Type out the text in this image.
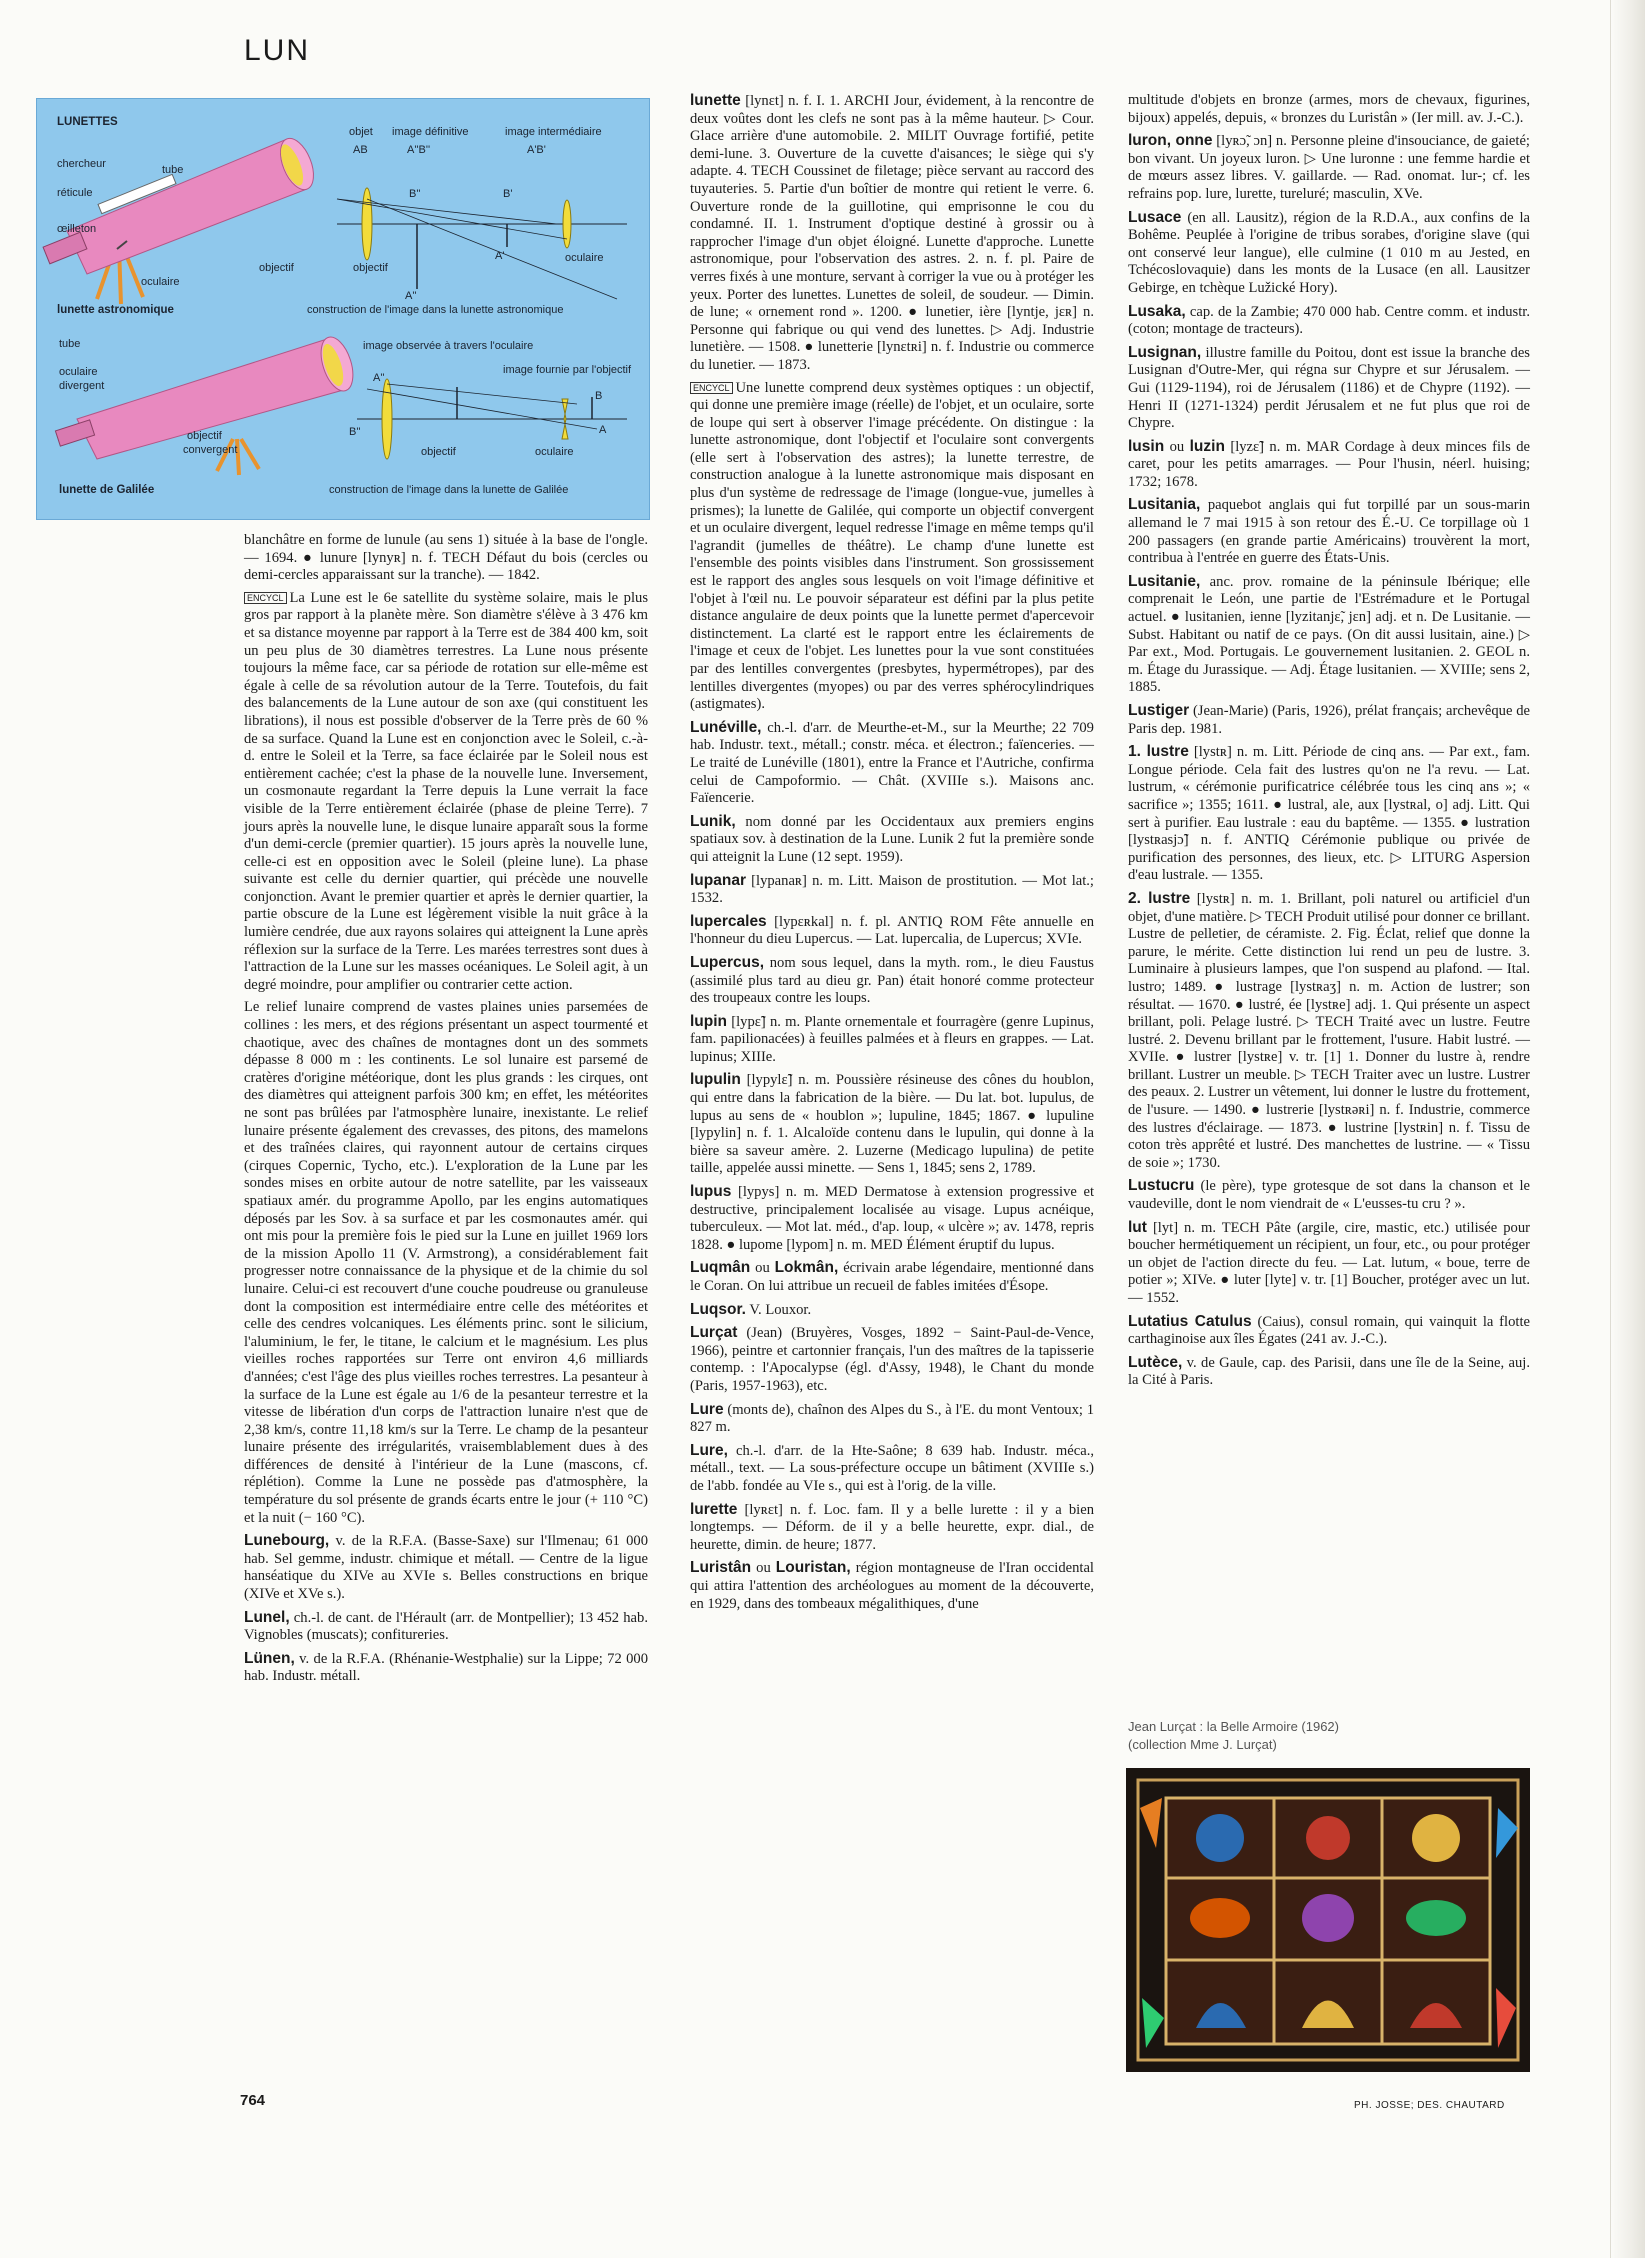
LUN
LUNETTES
chercheur
réticule
œilleton
tube
oculaire
objectif
lunette astronomique
objet
AB
image définitive
A''B''
image intermédiaire
A'B'
B''	B'
A'
A''
oculaire
objectif
construction de l'image dans la lunette astronomique
tube
oculaire
divergent
objectif
convergent
lunette de Galilée
image observée à travers l'oculaire
image fournie par l'objectif
A''
B''
B
A
objectif	oculaire
construction de l'image dans la lunette de Galilée

blanchâtre en forme de lunule (au sens 1) située à la base de l'ongle. — 1694. ● lunure [lynyʀ] n. f. TECH Défaut du bois (cercles ou demi-cercles apparaissant sur la tranche). — 1842.

ENCYCL La Lune est le 6e satellite du système solaire, mais le plus gros par rapport à la planète mère. Son diamètre s'élève à 3 476 km et sa distance moyenne par rapport à la Terre est de 384 400 km, soit un peu plus de 30 diamètres terrestres. La Lune nous présente toujours la même face, car sa période de rotation sur elle-même est égale à celle de sa révolution autour de la Terre. Toutefois, du fait des balancements de la Lune autour de son axe (qui constituent les librations), il nous est possible d'observer de la Terre près de 60 % de sa surface. Quand la Lune est en conjonction avec le Soleil, c.-à-d. entre le Soleil et la Terre, sa face éclairée par le Soleil nous est entièrement cachée; c'est la phase de la nouvelle lune. Inversement, un cosmonaute regardant la Terre depuis la Lune verrait la face visible de la Terre entièrement éclairée (phase de pleine Terre). 7 jours après la nouvelle lune, le disque lunaire apparaît sous la forme d'un demi-cercle (premier quartier). 15 jours après la nouvelle lune, celle-ci est en opposition avec le Soleil (pleine lune). La phase suivante est celle du dernier quartier, qui précède une nouvelle conjonction. Avant le premier quartier et après le dernier quartier, la partie obscure de la Lune est légèrement visible la nuit grâce à la lumière cendrée, due aux rayons solaires qui atteignent la Lune après réflexion sur la surface de la Terre. Les marées terrestres sont dues à l'attraction de la Lune sur les masses océaniques. Le Soleil agit, à un degré moindre, pour amplifier ou contrarier cette action.

Le relief lunaire comprend de vastes plaines unies parsemées de collines : les mers, et des régions présentant un aspect tourmenté et chaotique, avec des chaînes de montagnes dont un des sommets dépasse 8 000 m : les continents. Le sol lunaire est parsemé de cratères d'origine météorique, dont les plus grands : les cirques, ont des diamètres qui atteignent parfois 300 km; en effet, les météorites ne sont pas brûlées par l'atmosphère lunaire, inexistante. Le relief lunaire présente également des crevasses, des pitons, des mamelons et des traînées claires, qui rayonnent autour de certains cirques (cirques Copernic, Tycho, etc.). L'exploration de la Lune par les sondes mises en orbite autour de notre satellite, par les vaisseaux spatiaux amér. du programme Apollo, par les engins automatiques déposés par les Sov. à sa surface et par les cosmonautes amér. qui ont mis pour la première fois le pied sur la Lune en juillet 1969 lors de la mission Apollo 11 (V. Armstrong), a considérablement fait progresser notre connaissance de la physique et de la chimie du sol lunaire. Celui-ci est recouvert d'une couche poudreuse ou granuleuse dont la composition est intermédiaire entre celle des météorites et celle des cendres volcaniques. Les éléments princ. sont le silicium, l'aluminium, le fer, le titane, le calcium et le magnésium. Les plus vieilles roches rapportées sur Terre ont environ 4,6 milliards d'années; c'est l'âge des plus vieilles roches terrestres. La pesanteur à la surface de la Lune est égale au 1/6 de la pesanteur terrestre et la vitesse de libération d'un corps de l'attraction lunaire n'est que de 2,38 km/s, contre 11,18 km/s sur la Terre. Le champ de la pesanteur lunaire présente des irrégularités, vraisemblablement dues à des différences de densité à l'intérieur de la Lune (mascons, cf. réplétion). Comme la Lune ne possède pas d'atmosphère, la température du sol présente de grands écarts entre le jour (+ 110 °C) et la nuit (− 160 °C).

Lunebourg, v. de la R.F.A. (Basse-Saxe) sur l'Ilmenau; 61 000 hab. Sel gemme, industr. chimique et métall. — Centre de la ligue hanséatique du XIVe au XVIe s. Belles constructions en brique (XIVe et XVe s.).

Lunel, ch.-l. de cant. de l'Hérault (arr. de Montpellier); 13 452 hab. Vignobles (muscats); confitureries.

Lünen, v. de la R.F.A. (Rhénanie-Westphalie) sur la Lippe; 72 000 hab. Industr. métall.

lunette [lynɛt] n. f. I. 1. ARCHI Jour, évidement, à la rencontre de deux voûtes dont les clefs ne sont pas à la même hauteur. ▷ Cour. Glace arrière d'une automobile. 2. MILIT Ouvrage fortifié, petite demi-lune. 3. Ouverture de la cuvette d'aisances; le siège qui s'y adapte. 4. TECH Coussinet de filetage; pièce servant au raccord des tuyauteries. 5. Partie d'un boîtier de montre qui retient le verre. 6. Ouverture ronde de la guillotine, qui emprisonne le cou du condamné. II. 1. Instrument d'optique destiné à grossir ou à rapprocher l'image d'un objet éloigné. Lunette d'approche. Lunette astronomique, pour l'observation des astres. 2. n. f. pl. Paire de verres fixés à une monture, servant à corriger la vue ou à protéger les yeux. Porter des lunettes. Lunettes de soleil, de soudeur. — Dimin. de lune; « ornement rond ». 1200. ● lunetier, ière [lyntje, jɛʀ] n. Personne qui fabrique ou qui vend des lunettes. ▷ Adj. Industrie lunetière. — 1508. ● lunetterie [lynɛtʀi] n. f. Industrie ou commerce du lunetier. — 1873.

ENCYCL Une lunette comprend deux systèmes optiques : un objectif, qui donne une première image (réelle) de l'objet, et un oculaire, sorte de loupe qui sert à observer l'image précédente. On distingue : la lunette astronomique, dont l'objectif et l'oculaire sont convergents (elle sert à l'observation des astres); la lunette terrestre, de construction analogue à la lunette astronomique mais disposant en plus d'un système de redressage de l'image (longue-vue, jumelles à prismes); la lunette de Galilée, qui comporte un objectif convergent et un oculaire divergent, lequel redresse l'image en même temps qu'il l'agrandit (jumelles de théâtre). Le champ d'une lunette est l'ensemble des points visibles dans l'instrument. Son grossissement est le rapport des angles sous lesquels on voit l'image définitive et l'objet à l'œil nu. Le pouvoir séparateur est défini par la plus petite distance angulaire de deux points que la lunette permet d'apercevoir distinctement. La clarté est le rapport entre les éclairements de l'image et ceux de l'objet. Les lunettes pour la vue sont constituées par des lentilles convergentes (presbytes, hypermétropes), par des lentilles divergentes (myopes) ou par des verres sphérocylindriques (astigmates).

Lunéville, ch.-l. d'arr. de Meurthe-et-M., sur la Meurthe; 22 709 hab. Industr. text., métall.; constr. méca. et électron.; faïenceries. — Le traité de Lunéville (1801), entre la France et l'Autriche, confirma celui de Campoformio. — Chât. (XVIIIe s.). Maisons anc. Faïencerie.

Lunik, nom donné par les Occidentaux aux premiers engins spatiaux sov. à destination de la Lune. Lunik 2 fut la première sonde qui atteignit la Lune (12 sept. 1959).

lupanar [lypanaʀ] n. m. Litt. Maison de prostitution. — Mot lat.; 1532.

lupercales [lypɛʀkal] n. f. pl. ANTIQ ROM Fête annuelle en l'honneur du dieu Lupercus. — Lat. lupercalia, de Lupercus; XVIe.

Lupercus, nom sous lequel, dans la myth. rom., le dieu Faustus (assimilé plus tard au dieu gr. Pan) était honoré comme protecteur des troupeaux contre les loups.

lupin [lypɛ̃] n. m. Plante ornementale et fourragère (genre Lupinus, fam. papilionacées) à feuilles palmées et à fleurs en grappes. — Lat. lupinus; XIIIe.

lupulin [lypylɛ̃] n. m. Poussière résineuse des cônes du houblon, qui entre dans la fabrication de la bière. — Du lat. bot. lupulus, de lupus au sens de « houblon »; lupuline, 1845; 1867. ● lupuline [lypylin] n. f. 1. Alcaloïde contenu dans le lupulin, qui donne à la bière sa saveur amère. 2. Luzerne (Medicago lupulina) de petite taille, appelée aussi minette. — Sens 1, 1845; sens 2, 1789.

lupus [lypys] n. m. MED Dermatose à extension progressive et destructive, principalement localisée au visage. Lupus acnéique, tuberculeux. — Mot lat. méd., d'ap. loup, « ulcère »; av. 1478, repris 1828. ● lupome [lypom] n. m. MED Élément éruptif du lupus.

Luqmân ou Lokmân, écrivain arabe légendaire, mentionné dans le Coran. On lui attribue un recueil de fables imitées d'Ésope.

Luqsor. V. Louxor.

Lurçat (Jean) (Bruyères, Vosges, 1892 − Saint-Paul-de-Vence, 1966), peintre et cartonnier français, l'un des maîtres de la tapisserie contemp. : l'Apocalypse (égl. d'Assy, 1948), le Chant du monde (Paris, 1957-1963), etc.

Lure (monts de), chaînon des Alpes du S., à l'E. du mont Ventoux; 1 827 m.

Lure, ch.-l. d'arr. de la Hte-Saône; 8 639 hab. Industr. méca., métall., text. — La sous-préfecture occupe un bâtiment (XVIIIe s.) de l'abb. fondée au VIe s., qui est à l'orig. de la ville.

lurette [lyʀɛt] n. f. Loc. fam. Il y a belle lurette : il y a bien longtemps. — Déform. de il y a belle heurette, expr. dial., de heurette, dimin. de heure; 1877.

Luristân ou Louristan, région montagneuse de l'Iran occidental qui attira l'attention des archéologues au moment de la découverte, en 1929, dans des tombeaux mégalithiques, d'une

multitude d'objets en bronze (armes, mors de chevaux, figurines, bijoux) appelés, depuis, « bronzes du Luristân » (Ier mill. av. J.-C.).

luron, onne [lyʀɔ̃, ɔn] n. Personne pleine d'insouciance, de gaieté; bon vivant. Un joyeux luron. ▷ Une luronne : une femme hardie et de mœurs assez libres. V. gaillarde. — Rad. onomat. lur-; cf. les refrains pop. lure, lurette, tureluré; masculin, XVe.

Lusace (en all. Lausitz), région de la R.D.A., aux confins de la Bohême. Peuplée à l'origine de tribus sorabes, d'origine slave (qui ont conservé leur langue), elle culmine (1 010 m au Jested, en Tchécoslovaquie) dans les monts de la Lusace (en all. Lausitzer Gebirge, en tchèque Lužické Hory).

Lusaka, cap. de la Zambie; 470 000 hab. Centre comm. et industr. (coton; montage de tracteurs).

Lusignan, illustre famille du Poitou, dont est issue la branche des Lusignan d'Outre-Mer, qui régna sur Chypre et sur Jérusalem. — Gui (1129-1194), roi de Jérusalem (1186) et de Chypre (1192). — Henri II (1271-1324) perdit Jérusalem et ne fut plus que roi de Chypre.

lusin ou luzin [lyzɛ̃] n. m. MAR Cordage à deux minces fils de caret, pour les petits amarrages. — Pour l'husin, néerl. huising; 1732; 1678.

Lusitania, paquebot anglais qui fut torpillé par un sous-marin allemand le 7 mai 1915 à son retour des É.-U. Ce torpillage où 1 200 passagers (en grande partie Américains) trouvèrent la mort, contribua à l'entrée en guerre des États-Unis.

Lusitanie, anc. prov. romaine de la péninsule Ibérique; elle comprenait le León, une partie de l'Estrémadure et le Portugal actuel. ● lusitanien, ienne [lyzitanjɛ̃, jɛn] adj. et n. De Lusitanie. — Subst. Habitant ou natif de ce pays. (On dit aussi lusitain, aine.) ▷ Par ext., Mod. Portugais. Le gouvernement lusitanien. 2. GEOL n. m. Étage du Jurassique. — Adj. Étage lusitanien. — XVIIIe; sens 2, 1885.

Lustiger (Jean-Marie) (Paris, 1926), prélat français; archevêque de Paris dep. 1981.

1. lustre [lystʀ] n. m. Litt. Période de cinq ans. — Par ext., fam. Longue période. Cela fait des lustres qu'on ne l'a revu. — Lat. lustrum, « cérémonie purificatrice célébrée tous les cinq ans »; « sacrifice »; 1355; 1611. ● lustral, ale, aux [lystʀal, o] adj. Litt. Qui sert à purifier. Eau lustrale : eau du baptême. — 1355. ● lustration [lystʀasjɔ̃] n. f. ANTIQ Cérémonie publique ou privée de purification des personnes, des lieux, etc. ▷ LITURG Aspersion d'eau lustrale. — 1355.

2. lustre [lystʀ] n. m. 1. Brillant, poli naturel ou artificiel d'un objet, d'une matière. ▷ TECH Produit utilisé pour donner ce brillant. Lustre de pelletier, de céramiste. 2. Fig. Éclat, relief que donne la parure, le mérite. Cette distinction lui rend un peu de lustre. 3. Luminaire à plusieurs lampes, que l'on suspend au plafond. — Ital. lustro; 1489. ● lustrage [lystʀaʒ] n. m. Action de lustrer; son résultat. — 1670. ● lustré, ée [lystʀe] adj. 1. Qui présente un aspect brillant, poli. Pelage lustré. ▷ TECH Traité avec un lustre. Feutre lustré. 2. Devenu brillant par le frottement, l'usure. Habit lustré. — XVIIe. ● lustrer [lystʀe] v. tr. [1] 1. Donner du lustre à, rendre brillant. Lustrer un meuble. ▷ TECH Traiter avec un lustre. Lustrer des peaux. 2. Lustrer un vêtement, lui donner le lustre du frottement, de l'usure. — 1490. ● lustrerie [lystʀəʀi] n. f. Industrie, commerce des lustres d'éclairage. — 1873. ● lustrine [lystʀin] n. f. Tissu de coton très apprêté et lustré. Des manchettes de lustrine. — « Tissu de soie »; 1730.

Lustucru (le père), type grotesque de sot dans la chanson et le vaudeville, dont le nom viendrait de « L'eusses-tu cru ? ».

lut [lyt] n. m. TECH Pâte (argile, cire, mastic, etc.) utilisée pour boucher hermétiquement un récipient, un four, etc., ou pour protéger un objet de l'action directe du feu. — Lat. lutum, « boue, terre de potier »; XIVe. ● luter [lyte] v. tr. [1] Boucher, protéger avec un lut. — 1552.

Lutatius Catulus (Caius), consul romain, qui vainquit la flotte carthaginoise aux îles Égates (241 av. J.-C.).

Lutèce, v. de Gaule, cap. des Parisii, dans une île de la Seine, auj. la Cité à Paris.

Jean Lurçat : la Belle Armoire (1962)
(collection Mme J. Lurçat)
764	PH. JOSSE; DES. CHAUTARD
